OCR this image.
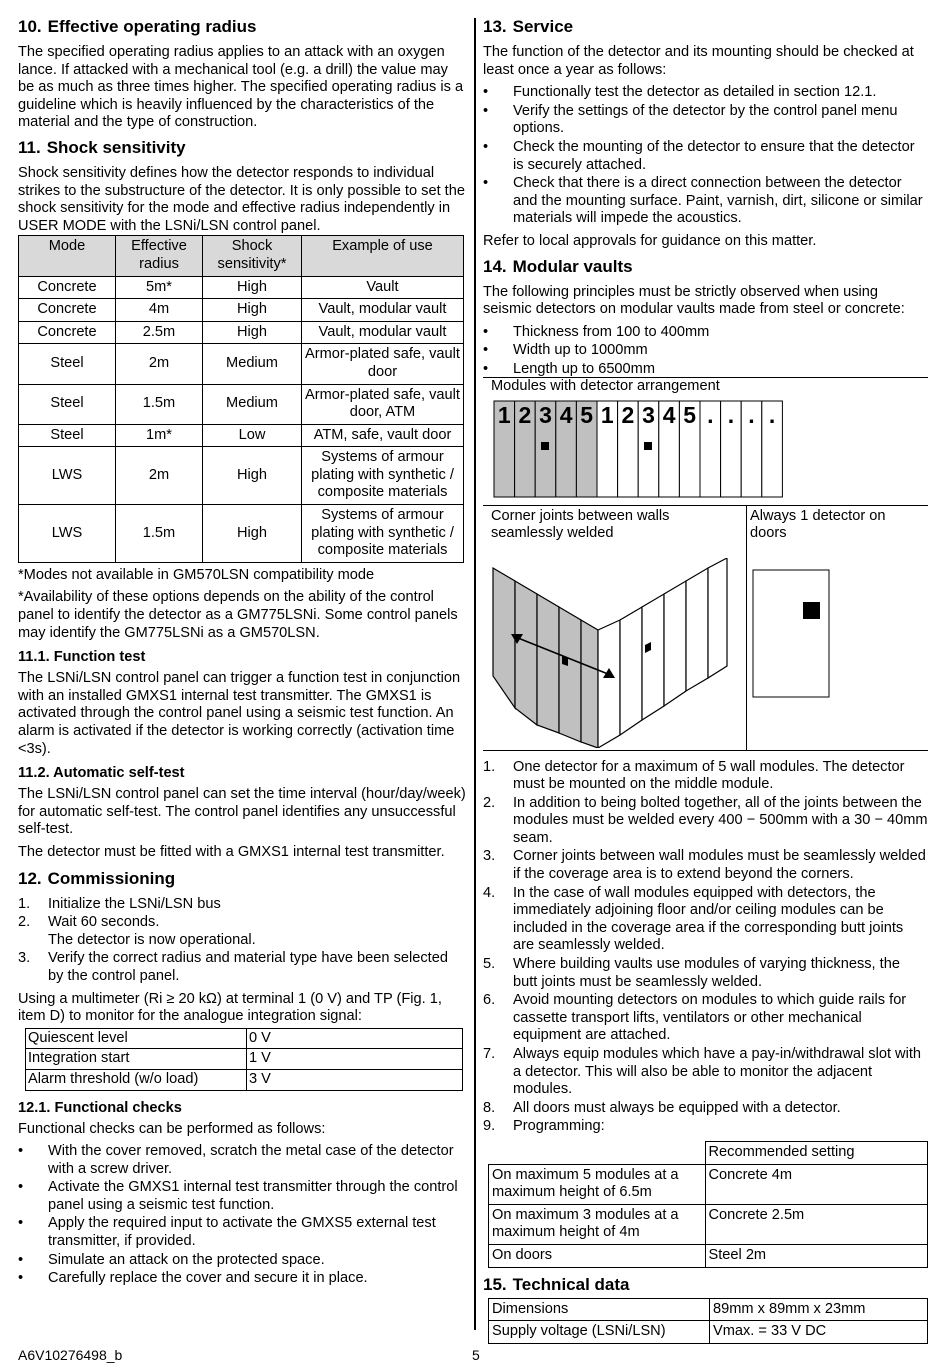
10. Effective operating radius

The specified operating radius applies to an attack with an oxygen lance. If attacked with a mechanical tool (e.g. a drill) the value may be as much as three times higher. The specified operating radius is a guideline which is heavily influenced by the characteristics of the material and the type of construction.

11. Shock sensitivity

Shock sensitivity defines how the detector responds to individual strikes to the substructure of the detector. It is only possible to set the shock sensitivity for the mode and effective radius independently in USER MODE with the LSNi/LSN control panel.

Mode	Effective radius	Shock sensitivity*	Example of use
Concrete	5m*	High	Vault
Concrete	4m	High	Vault, modular vault
Concrete	2.5m	High	Vault, modular vault
Steel	2m	Medium	Armor-plated safe, vault door
Steel	1.5m	Medium	Armor-plated safe, vault door, ATM
Steel	1m*	Low	ATM, safe, vault door
LWS	2m	High	Systems of armour plating with synthetic / composite materials
LWS	1.5m	High	Systems of armour plating with synthetic / composite materials

*Modes not available in GM570LSN compatibility mode

*Availability of these options depends on the ability of the control panel to identify the detector as a GM775LSNi. Some control panels may identify the GM775LSNi as a GM570LSN.

11.1. Function test

The LSNi/LSN control panel can trigger a function test in conjunction with an installed GMXS1 internal test transmitter. The GMXS1 is activated through the control panel using a seismic test function. An alarm is activated if the detector is working correctly (activation time <3s).

11.2. Automatic self-test

The LSNi/LSN control panel can set the time interval (hour/day/week) for automatic self-test. The control panel identifies any unsuccessful self-test.

The detector must be fitted with a GMXS1 internal test transmitter.

12. Commissioning
1. Initialize the LSNi/LSN bus
2. Wait 60 seconds.
The detector is now operational.
3. Verify the correct radius and material type have been selected by the control panel.

Using a multimeter (Ri ≥ 20 kΩ) at terminal 1 (0 V) and TP (Fig. 1, item D) to monitor for the analogue integration signal:

Quiescent level	0 V
Integration start	1 V
Alarm threshold (w/o load)	3 V
12.1. Functional checks

Functional checks can be performed as follows:

• With the cover removed, scratch the metal case of the detector with a screw driver.
• Activate the GMXS1 internal test transmitter through the control panel using a seismic test function.
• Apply the required input to activate the GMXS5 external test transmitter, if provided.
• Simulate an attack on the protected space.
• Carefully replace the cover and secure it in place.
13. Service

The function of the detector and its mounting should be checked at least once a year as follows:

• Functionally test the detector as detailed in section 12.1.
• Verify the settings of the detector by the control panel menu options.
• Check the mounting of the detector to ensure that the detector is securely attached.
• Check that there is a direct connection between the detector and the mounting surface. Paint, varnish, dirt, silicone or similar materials will impede the acoustics.

Refer to local approvals for guidance on this matter.

14. Modular vaults

The following principles must be strictly observed when using seismic detectors on modular vaults made from steel or concrete:

• Thickness from 100 to 400mm
• Width up to 1000mm
• Length up to 6500mm
Modules with detector arrangement
1 2 3 4 5 1 2 3 4 5 . . . .
Corner joints between walls seamlessly welded
Always 1 detector on doors
1. One detector for a maximum of 5 wall modules. The detector must be mounted on the middle module.
2. In addition to being bolted together, all of the joints between the modules must be welded every 400 − 500mm with a 30 − 40mm seam.
3. Corner joints between wall modules must be seamlessly welded if the coverage area is to extend beyond the corners.
4. In the case of wall modules equipped with detectors, the immediately adjoining floor and/or ceiling modules can be included in the coverage area if the corresponding butt joints are seamlessly welded.
5. Where building vaults use modules of varying thickness, the butt joints must be seamlessly welded.
6. Avoid mounting detectors on modules to which guide rails for cassette transport lifts, ventilators or other mechanical equipment are attached.
7. Always equip modules which have a pay-in/withdrawal slot with a detector. This will also be able to monitor the adjacent modules.
8. All doors must always be equipped with a detector.
9. Programming:
	Recommended setting
On maximum 5 modules at a maximum height of 6.5m	Concrete 4m
On maximum 3 modules at a maximum height of 4m	Concrete 2.5m
On doors	Steel 2m
15. Technical data
Dimensions	89mm x 89mm x 23mm
Supply voltage (LSNi/LSN)	Vmax. = 33 V DC
A6V10276498_b	5
